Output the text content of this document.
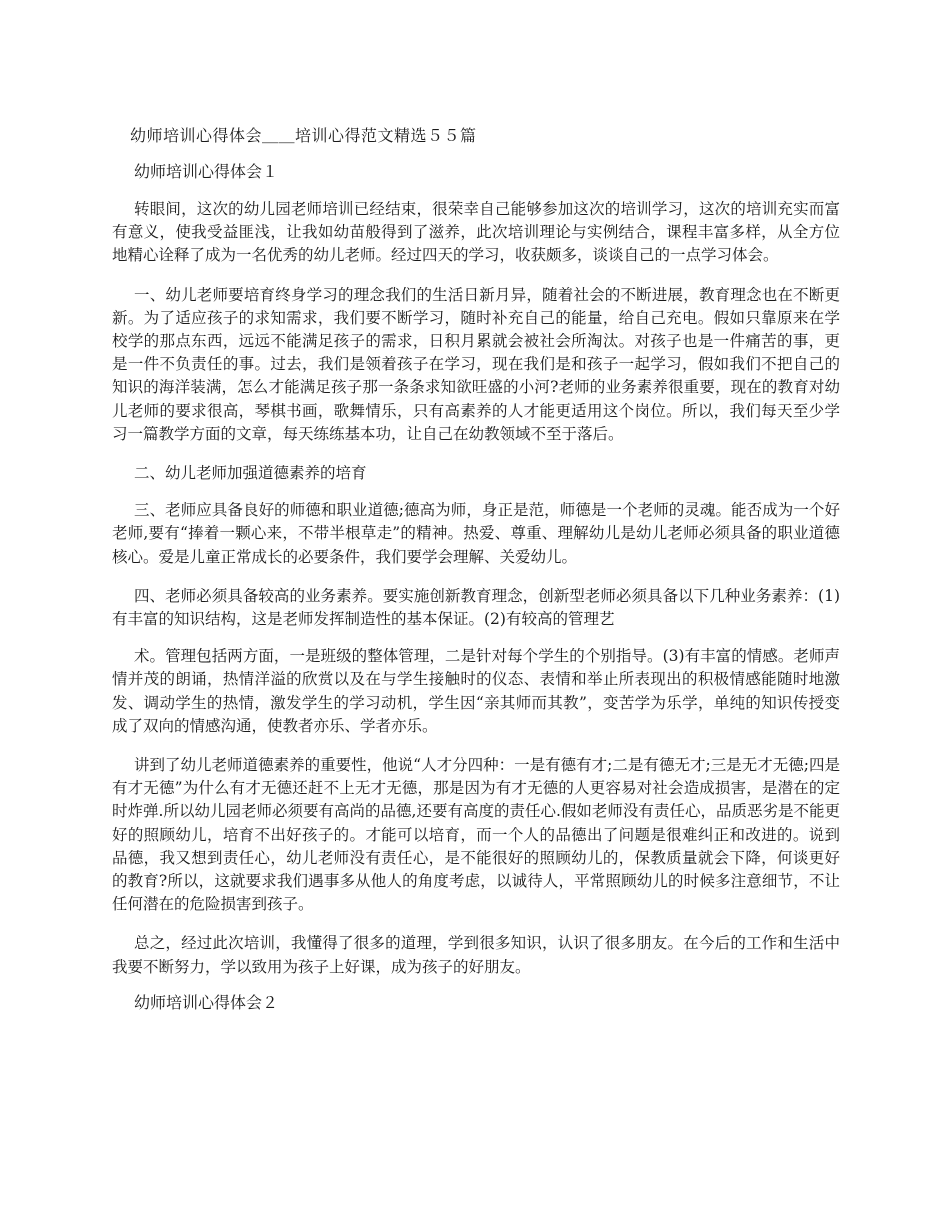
幼师培训心得体会＿＿培训心得范文精选５５篇
幼师培训心得体会１

转眼间，这次的幼儿园老师培训已经结束，很荣幸自己能够参加这次的培训学习，这次的培训充实而富有意义，使我受益匪浅，让我如幼苗般得到了滋养，此次培训理论与实例结合，课程丰富多样，从全方位地精心诠释了成为一名优秀的幼儿老师。经过四天的学习，收获颇多，谈谈自己的一点学习体会。

一、幼儿老师要培育终身学习的理念我们的生活日新月异，随着社会的不断进展，教育理念也在不断更新。为了适应孩子的求知需求，我们要不断学习，随时补充自己的能量，给自己充电。假如只靠原来在学校学的那点东西，远远不能满足孩子的需求，日积月累就会被社会所淘汰。对孩子也是一件痛苦的事，更是一件不负责任的事。过去，我们是领着孩子在学习，现在我们是和孩子一起学习，假如我们不把自己的知识的海洋装满，怎么才能满足孩子那一条条求知欲旺盛的小河?老师的业务素养很重要，现在的教育对幼儿老师的要求很高，琴棋书画，歌舞情乐，只有高素养的人才能更适用这个岗位。所以，我们每天至少学习一篇教学方面的文章，每天练练基本功，让自己在幼教领域不至于落后。

二、幼儿老师加强道德素养的培育

三、老师应具备良好的师德和职业道德;德高为师，身正是范，师德是一个老师的灵魂。能否成为一个好老师,要有“捧着一颗心来，不带半根草走”的精神。热爱、尊重、理解幼儿是幼儿老师必须具备的职业道德核心。爱是儿童正常成长的必要条件，我们要学会理解、关爱幼儿。

四、老师必须具备较高的业务素养。要实施创新教育理念，创新型老师必须具备以下几种业务素养：(1)有丰富的知识结构，这是老师发挥制造性的基本保证。(2)有较高的管理艺

术。管理包括两方面，一是班级的整体管理，二是针对每个学生的个别指导。(3)有丰富的情感。老师声情并茂的朗诵，热情洋溢的欣赏以及在与学生接触时的仪态、表情和举止所表现出的积极情感能随时地激发、调动学生的热情，激发学生的学习动机，学生因“亲其师而其教”，变苦学为乐学，单纯的知识传授变成了双向的情感沟通，使教者亦乐、学者亦乐。

讲到了幼儿老师道德素养的重要性，他说“人才分四种：一是有德有才;二是有德无才;三是无才无德;四是有才无德”为什么有才无德还赶不上无才无德，那是因为有才无德的人更容易对社会造成损害，是潜在的定时炸弹.所以幼儿园老师必须要有高尚的品德,还要有高度的责任心.假如老师没有责任心，品质恶劣是不能更好的照顾幼儿，培育不出好孩子的。才能可以培育，而一个人的品德出了问题是很难纠正和改进的。说到品德，我又想到责任心，幼儿老师没有责任心，是不能很好的照顾幼儿的，保教质量就会下降，何谈更好的教育?所以，这就要求我们遇事多从他人的角度考虑，以诚待人，平常照顾幼儿的时候多注意细节，不让任何潜在的危险损害到孩子。

总之，经过此次培训，我懂得了很多的道理，学到很多知识，认识了很多朋友。在今后的工作和生活中我要不断努力，学以致用为孩子上好课，成为孩子的好朋友。

幼师培训心得体会２
